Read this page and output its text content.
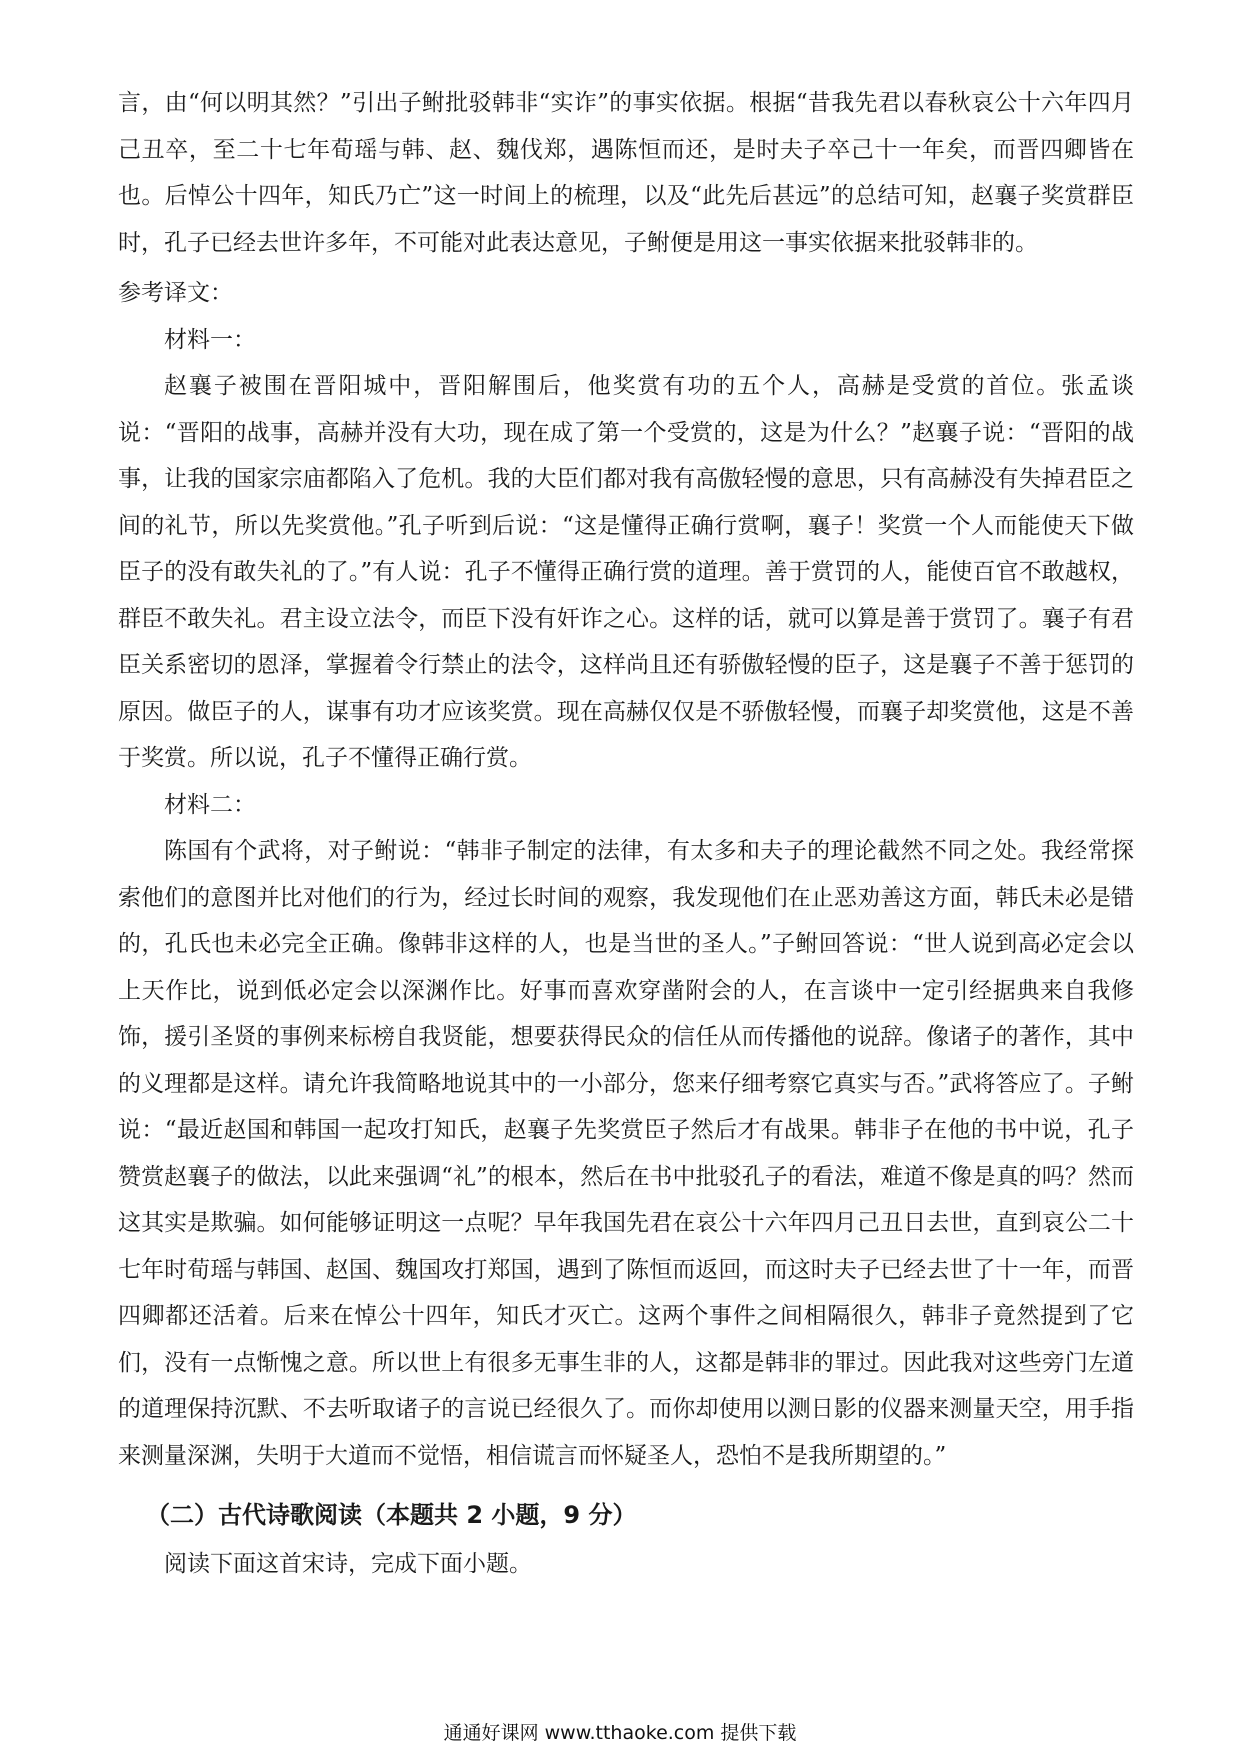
言，由“何以明其然？”引出子鲋批驳韩非“实诈”的事实依据。根据“昔我先君以春秋哀公十六年四月己丑卒，至二十七年荀瑶与韩、赵、魏伐郑，遇陈恒而还，是时夫子卒己十一年矣，而晋四卿皆在也。后悼公十四年，知氏乃亡”这一时间上的梳理，以及“此先后甚远”的总结可知，赵襄子奖赏群臣时，孔子已经去世许多年，不可能对此表达意见，子鲋便是用这一事实依据来批驳韩非的。

参考译文：

材料一：

赵襄子被围在晋阳城中，晋阳解围后，他奖赏有功的五个人，高赫是受赏的首位。张孟谈说：“晋阳的战事，高赫并没有大功，现在成了第一个受赏的，这是为什么？”赵襄子说：“晋阳的战事，让我的国家宗庙都陷入了危机。我的大臣们都对我有高傲轻慢的意思，只有高赫没有失掉君臣之间的礼节，所以先奖赏他。”孔子听到后说：“这是懂得正确行赏啊，襄子！奖赏一个人而能使天下做臣子的没有敢失礼的了。”有人说：孔子不懂得正确行赏的道理。善于赏罚的人，能使百官不敢越权，群臣不敢失礼。君主设立法令，而臣下没有奸诈之心。这样的话，就可以算是善于赏罚了。襄子有君臣关系密切的恩泽，掌握着令行禁止的法令，这样尚且还有骄傲轻慢的臣子，这是襄子不善于惩罚的原因。做臣子的人，谋事有功才应该奖赏。现在高赫仅仅是不骄傲轻慢，而襄子却奖赏他，这是不善于奖赏。所以说，孔子不懂得正确行赏。

材料二：

陈国有个武将，对子鲋说：“韩非子制定的法律，有太多和夫子的理论截然不同之处。我经常探索他们的意图并比对他们的行为，经过长时间的观察，我发现他们在止恶劝善这方面，韩氏未必是错的，孔氏也未必完全正确。像韩非这样的人，也是当世的圣人。”子鲋回答说：“世人说到高必定会以上天作比，说到低必定会以深渊作比。好事而喜欢穿凿附会的人，在言谈中一定引经据典来自我修饰，援引圣贤的事例来标榜自我贤能，想要获得民众的信任从而传播他的说辞。像诸子的著作，其中的义理都是这样。请允许我简略地说其中的一小部分，您来仔细考察它真实与否。”武将答应了。子鲋说：“最近赵国和韩国一起攻打知氏，赵襄子先奖赏臣子然后才有战果。韩非子在他的书中说，孔子赞赏赵襄子的做法，以此来强调“礼”的根本，然后在书中批驳孔子的看法，难道不像是真的吗？然而这其实是欺骗。如何能够证明这一点呢？早年我国先君在哀公十六年四月己丑日去世，直到哀公二十七年时荀瑶与韩国、赵国、魏国攻打郑国，遇到了陈恒而返回，而这时夫子已经去世了十一年，而晋四卿都还活着。后来在悼公十四年，知氏才灭亡。这两个事件之间相隔很久，韩非子竟然提到了它们，没有一点惭愧之意。所以世上有很多无事生非的人，这都是韩非的罪过。因此我对这些旁门左道的道理保持沉默、不去听取诸子的言说已经很久了。而你却使用以测日影的仪器来测量天空，用手指来测量深渊，失明于大道而不觉悟，相信谎言而怀疑圣人，恐怕不是我所期望的。”

（二）古代诗歌阅读（本题共 2 小题，9 分）

阅读下面这首宋诗，完成下面小题。

通通好课网 www.tthaoke.com 提供下载
